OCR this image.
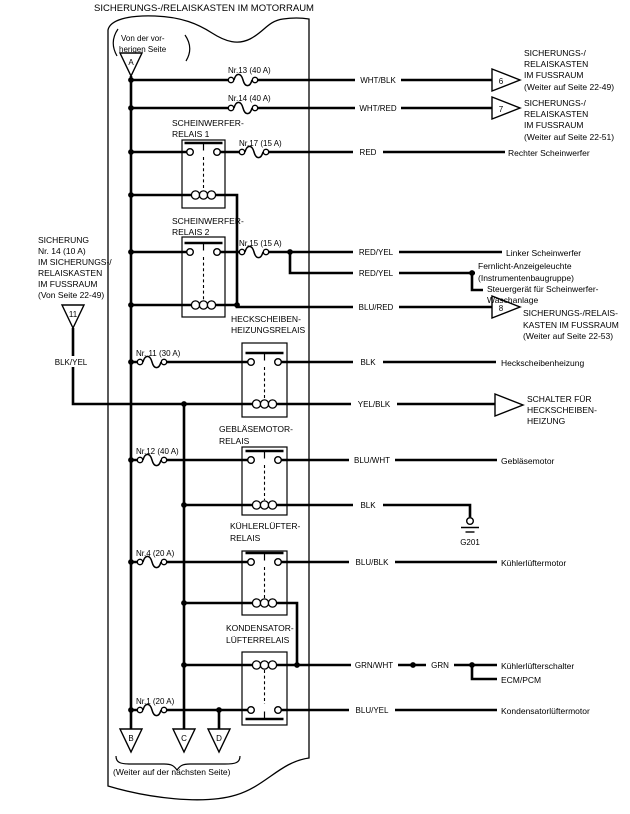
WHT/BLK
WHT/RED
RED
RED/YEL
RED/YEL
BLU/RED
BLK
YEL/BLK
BLU/WHT
BLK
BLU/BLK
GRN/WHT	GRN
BLU/YEL
BLK/YEL
SICHERUNGS-/RELAISKASTEN IM MOTORRAUM
Von der vor-
herigen Seite
A
Nr.13 (40 A)
Nr.14 (40 A)
Nr.17 (15 A)
Nr.15 (15 A)
Nr. 11 (30 A)
Nr.12 (40 A)
Nr.4 (20 A)
Nr.1 (20 A)
SCHEINWERFER-
RELAIS 1
SCHEINWERFER-
RELAIS 2
HECKSCHEIBEN-
HEIZUNGSRELAIS
GEBLÄSEMOTOR-
RELAIS
KÜHLERLÜFTER-
RELAIS
KONDENSATOR-
LÜFTERRELAIS
SICHERUNG
Nr. 14 (10 A)
IM SICHERUNGS-/
RELAISKASTEN
IM FUSSRAUM
(Von Seite 22-49)
11
6
SICHERUNGS-/
RELAISKASTEN
IM FUSSRAUM
(Weiter auf Seite 22-49)
7
SICHERUNGS-/
RELAISKASTEN
IM FUSSRAUM
(Weiter auf Seite 22-51)
Rechter Scheinwerfer
Linker Scheinwerfer
Fernlicht-Anzeigeleuchte
(Instrumentenbaugruppe)
Steuergerät für Scheinwerfer-
Waschanlage
8 SICHERUNGS-/RELAIS-
KASTEN IM FUSSRAUM
(Weiter auf Seite 22-53)
Heckscheibenheizung
SCHALTER FÜR
HECKSCHEIBEN-
HEIZUNG
Gebläsemotor
G201
Kühlerlüftermotor
Kühlerlüfterschalter
ECM/PCM
Kondensatorlüftermotor
B	C	D
(Weiter auf der nächsten Seite)
